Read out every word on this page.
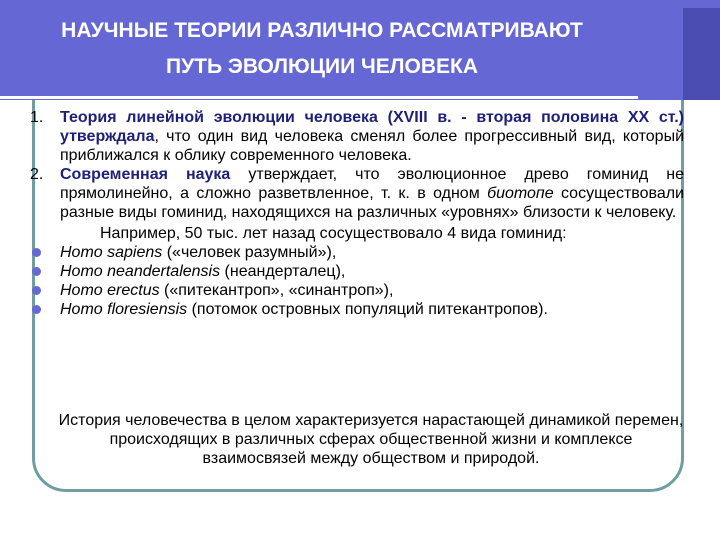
НАУЧНЫЕ ТЕОРИИ РАЗЛИЧНО РАССМАТРИВАЮТ
ПУТЬ ЭВОЛЮЦИИ ЧЕЛОВЕКА
1. Теория линейной эволюции человека (XVIII в. - вторая половина XX ст.) утверждала, что один вид человека сменял более прогрессивный вид, который приближался к облику современного человека.
2. Современная наука утверждает, что эволюционное древо гоминид не прямолинейно, а сложно разветвленное, т. к. в одном биотопе сосуществовали разные виды гоминид, находящихся на различных «уровнях» близости к человеку.
Например, 50 тыс. лет назад сосуществовало 4 вида гоминид:
Homo sapiens («человек разумный»),
Homo neandertalensis (неандерталец),
Homo erectus («питекантроп», «синантроп»),
Homo floresiensis (потомок островных популяций питекантропов).
История человечества в целом характеризуется нарастающей динамикой перемен, происходящих в различных сферах общественной жизни и комплексе взаимосвязей между обществом и природой.
